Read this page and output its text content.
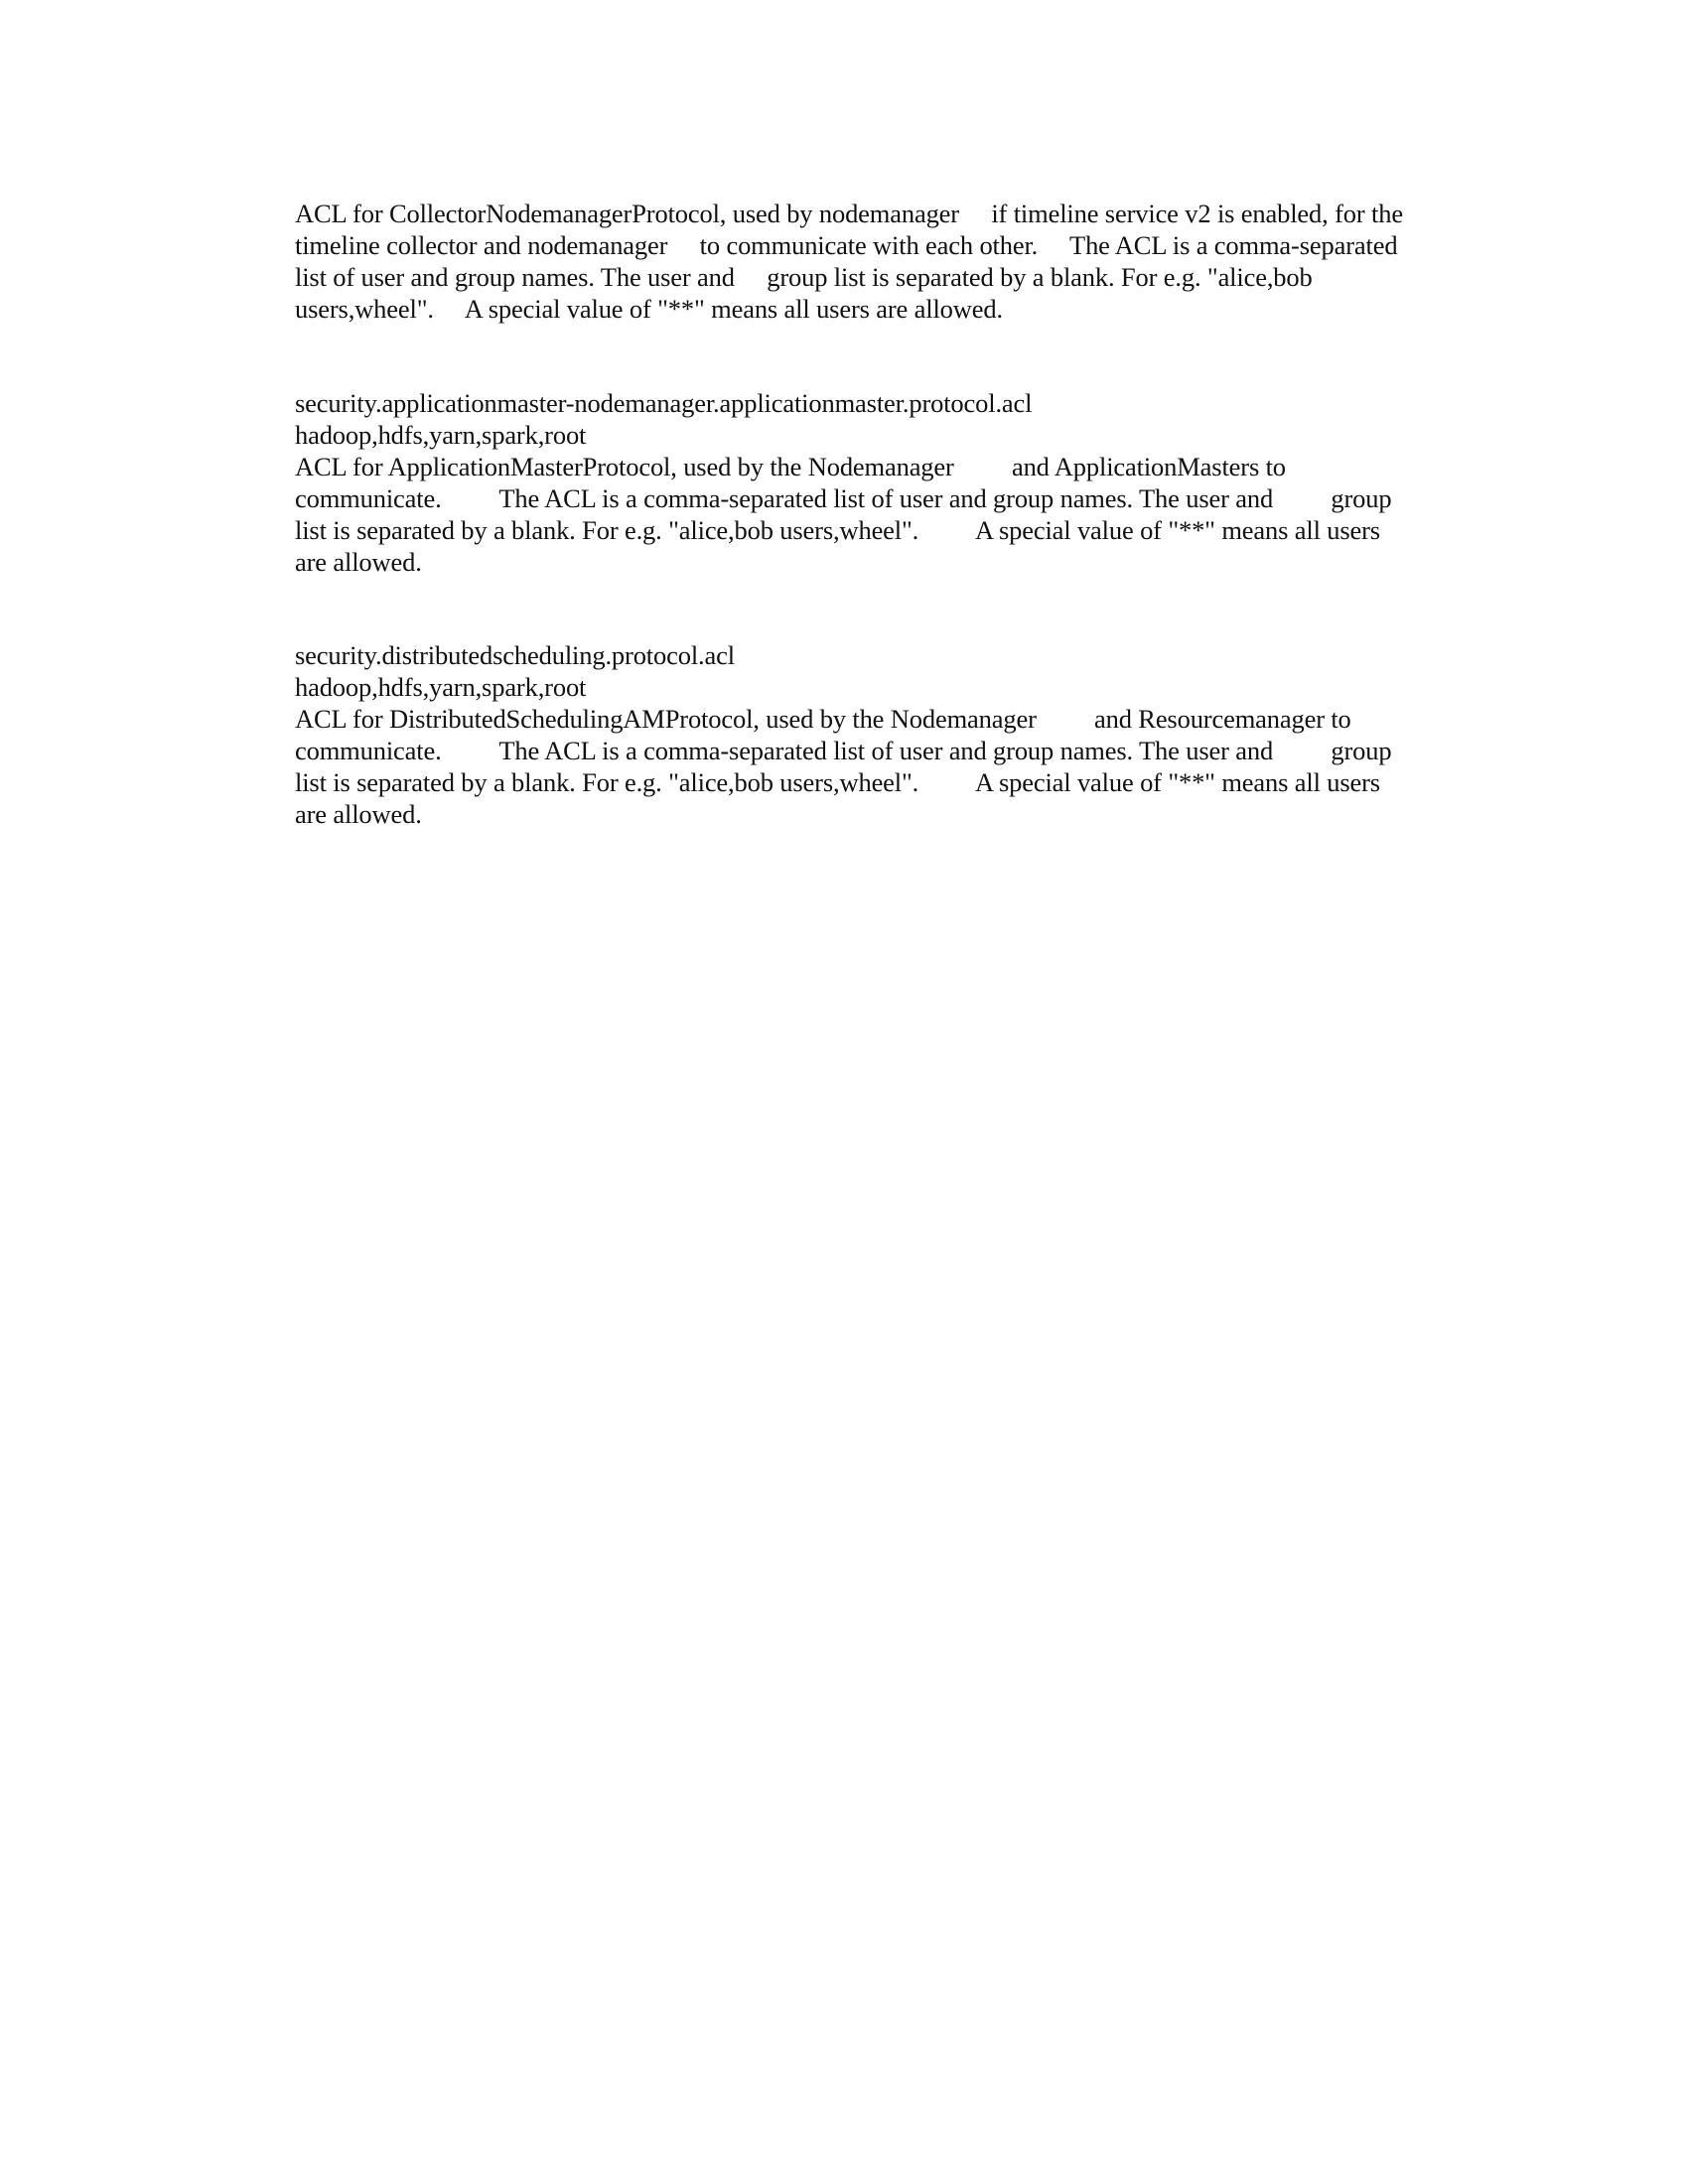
ACL for CollectorNodemanagerProtocol, used by nodemanager     if timeline service v2 is enabled, for the
timeline collector and nodemanager     to communicate with each other.     The ACL is a comma-separated
list of user and group names. The user and     group list is separated by a blank. For e.g. "alice,bob
users,wheel".     A special value of "**" means all users are allowed.
security.applicationmaster-nodemanager.applicationmaster.protocol.acl
hadoop,hdfs,yarn,spark,root
ACL for ApplicationMasterProtocol, used by the Nodemanager         and ApplicationMasters to
communicate.         The ACL is a comma-separated list of user and group names. The user and         group
list is separated by a blank. For e.g. "alice,bob users,wheel".         A special value of "**" means all users
are allowed.
security.distributedscheduling.protocol.acl
hadoop,hdfs,yarn,spark,root
ACL for DistributedSchedulingAMProtocol, used by the Nodemanager         and Resourcemanager to
communicate.         The ACL is a comma-separated list of user and group names. The user and         group
list is separated by a blank. For e.g. "alice,bob users,wheel".         A special value of "**" means all users
are allowed.
